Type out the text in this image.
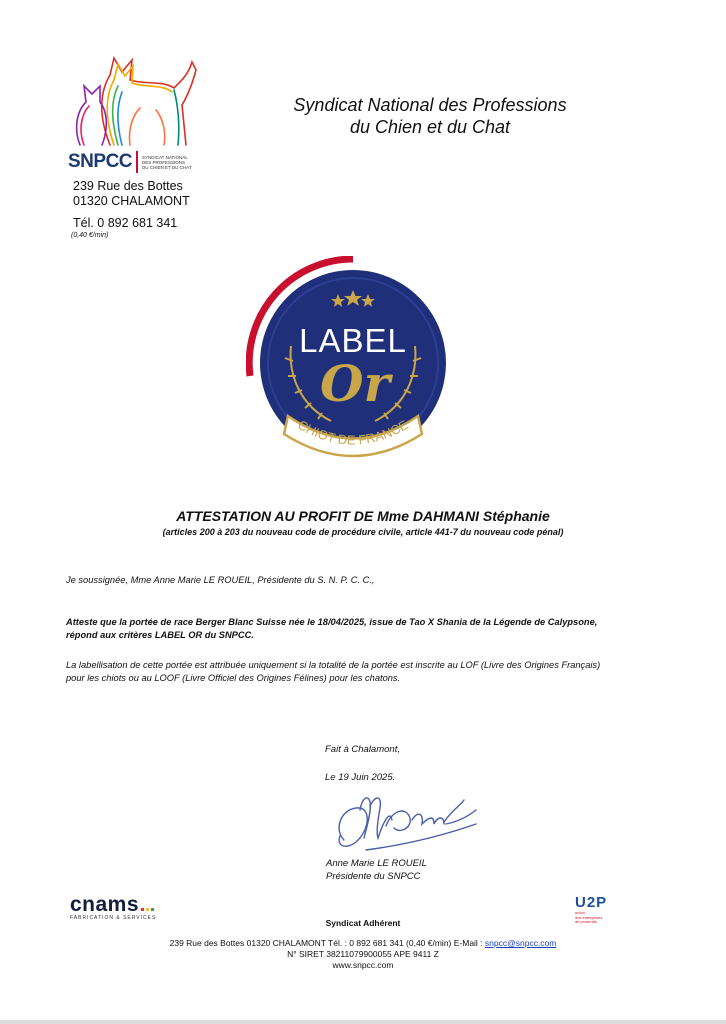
SNPCC SYNDICAT NATIONAL
DES PROFESSIONS
DU CHIEN ET DU CHAT
239 Rue des Bottes
01320 CHALAMONT
Tél. 0 892 681 341
(0,40 €/min)
Syndicat National des Professions
du Chien et du Chat
LABEL
Or
CHIOT DE FRANCE
ATTESTATION AU PROFIT DE Mme DAHMANI Stéphanie
(articles 200 à 203 du nouveau code de procédure civile, article 441-7 du nouveau code pénal)
Je soussignée, Mme Anne Marie LE ROUEIL, Présidente du S. N. P. C. C.,
Atteste que la portée de race Berger Blanc Suisse née le 18/04/2025, issue de Tao X Shania de la Légende de Calypsone,
répond aux critères LABEL OR du SNPCC.
La labellisation de cette portée est attribuée uniquement si la totalité de la portée est inscrite au LOF (Livre des Origines Français)
pour les chiots ou au LOOF (Livre Officiel des Origines Félines) pour les chatons.
Fait à Chalamont,
Le 19 Juin 2025.
Anne Marie LE ROUEIL
Présidente du SNPCC
cnams
FABRICATION & SERVICES
U2P
union
des entreprises
de proximité
Syndicat Adhérent
239 Rue des Bottes 01320 CHALAMONT Tél. : 0 892 681 341 (0,40 €/min) E-Mail : snpcc@snpcc.com
N° SIRET 38211079900055 APE 9411 Z
www.snpcc.com
